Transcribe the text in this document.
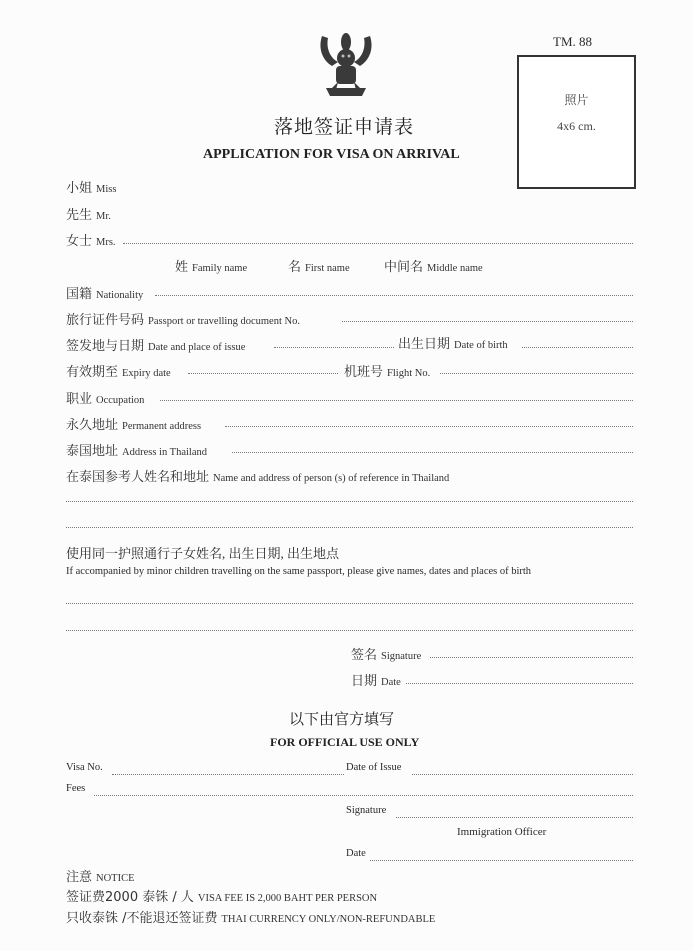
TM. 88
照片
4x6 cm.
落地签证申请表
APPLICATION FOR VISA ON ARRIVAL
小姐 Miss
先生 Mr.
女士 Mrs.
姓 Family name	名 First name	中间名 Middle name
国籍 Nationality
旅行证件号码 Passport or travelling document No.
签发地与日期 Date and place of issue	出生日期 Date of birth
有效期至 Expiry date	机班号 Flight No.
职业 Occupation
永久地址 Permanent address
泰国地址 Address in Thailand
在泰国参考人姓名和地址 Name and address of person (s) of reference in Thailand
使用同一护照通行子女姓名, 出生日期, 出生地点
If accompanied by minor children travelling on the same passport, please give names, dates and places of birth
签名 Signature
日期 Date
以下由官方填写
FOR OFFICIAL USE ONLY
Visa No.	Date of Issue
Fees
Signature
Immigration Officer
Date
注意 NOTICE
签证费2000 泰铢 / 人 VISA FEE IS 2,000 BAHT PER PERSON
只收泰铢 /不能退还签证费 THAI CURRENCY ONLY/NON-REFUNDABLE
